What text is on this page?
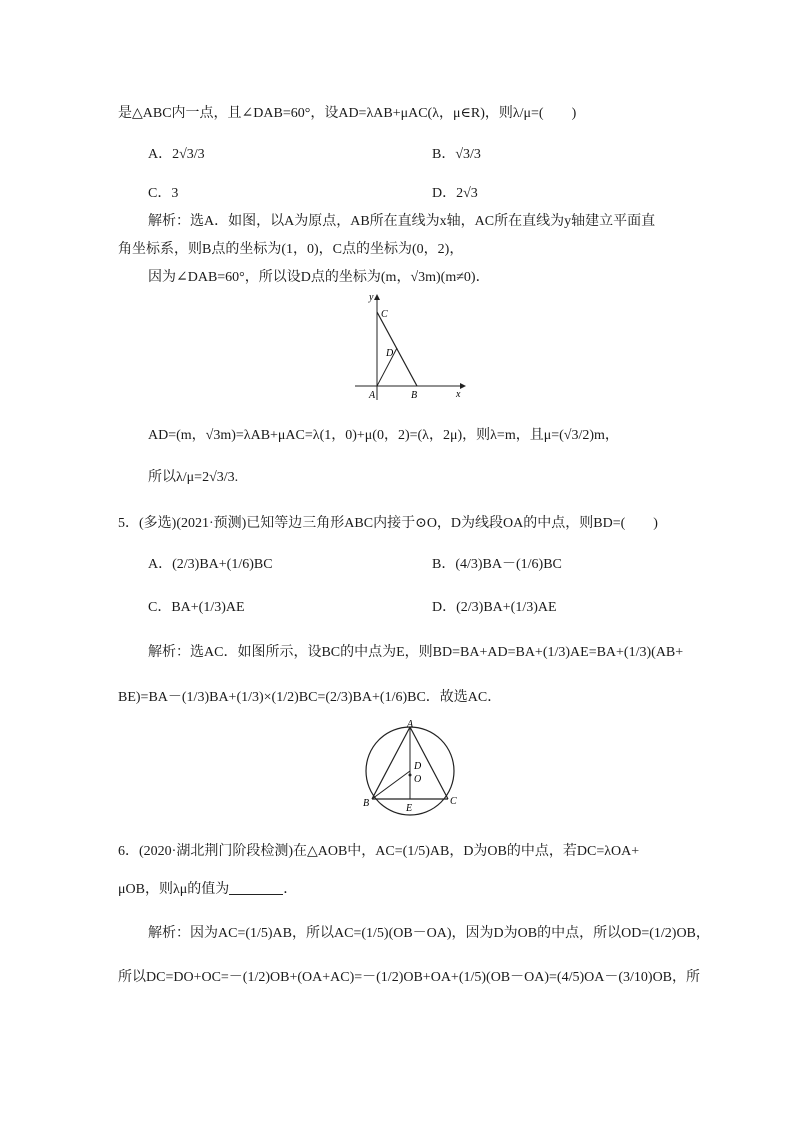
是△ABC内一点，且∠DAB=60°，设AD=λAB+μAC(λ，μ∈R)，则λ/μ=(　　)
A．2√3/3	B．√3/3
C．3	D．2√3
解析：选A．如图，以A为原点，AB所在直线为x轴，AC所在直线为y轴建立平面直
角坐标系，则B点的坐标为(1，0)，C点的坐标为(0，2)，
因为∠DAB=60°，所以设D点的坐标为(m，√3m)(m≠0)．
y
C
D
A	B	x
AD=(m，√3m)=λAB+μAC=λ(1，0)+μ(0，2)=(λ，2μ)，则λ=m，且μ=(√3/2)m，
所以λ/μ=2√3/3.
5．(多选)(2021·预测)已知等边三角形ABC内接于⊙O，D为线段OA的中点，则BD=(　　)
A．(2/3)BA+(1/6)BC	B．(4/3)BA－(1/6)BC
C．BA+(1/3)AE	D．(2/3)BA+(1/3)AE
解析：选AC．如图所示，设BC的中点为E，则BD=BA+AD=BA+(1/3)AE=BA+(1/3)(AB+
BE)=BA－(1/3)BA+(1/3)×(1/2)BC=(2/3)BA+(1/6)BC．故选AC．
A
D
O
B	E
C
6．(2020·湖北荆门阶段检测)在△AOB中，AC=(1/5)AB，D为OB的中点，若DC=λOA+
μOB，则λμ的值为	．
解析：因为AC=(1/5)AB，所以AC=(1/5)(OB－OA)，因为D为OB的中点，所以OD=(1/2)OB，
所以DC=DO+OC=－(1/2)OB+(OA+AC)=－(1/2)OB+OA+(1/5)(OB－OA)=(4/5)OA－(3/10)OB，所
